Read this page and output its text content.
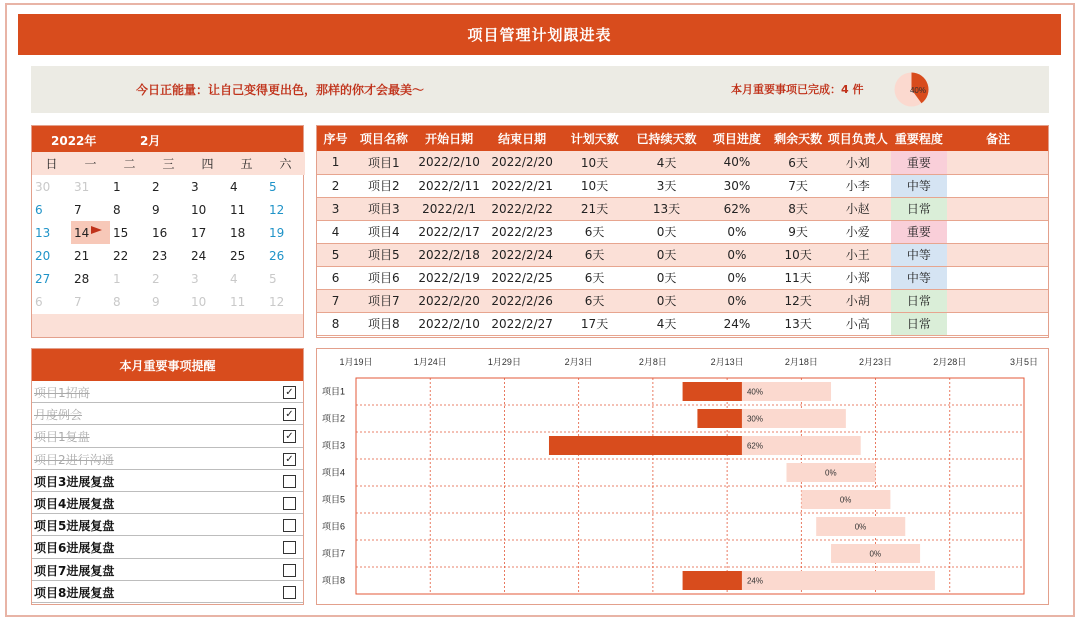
项目管理计划跟进表
今日正能量：让自己变得更出色，那样的你才会最美～	本月重要事项已完成：4 件	40%
2022年	2月
日	一	二	三	四	五	六
30 31 1	2	3	4	5
6	7	8	9	10 11 12
13 14 15 16 17 18 19
20 21 22 23 24 25 26
27 28 1	2	3	4	5
6	7	8	9	10 11 12
序号	项目名称	开始日期	结束日期	计划天数	已持续天数	项目进度	剩余天数	项目负责人	重要程度	备注
1	项目1	2022/2/10	2022/2/20	10天	4天	40%	6天	小刘	重要	
2	项目2	2022/2/11	2022/2/21	10天	3天	30%	7天	小李	中等	
3	项目3	2022/2/1	2022/2/22	21天	13天	62%	8天	小赵	日常	
4	项目4	2022/2/17	2022/2/23	6天	0天	0%	9天	小爱	重要	
5	项目5	2022/2/18	2022/2/24	6天	0天	0%	10天	小王	中等	
6	项目6	2022/2/19	2022/2/25	6天	0天	0%	11天	小郑	中等	
7	项目7	2022/2/20	2022/2/26	6天	0天	0%	12天	小胡	日常	
8	项目8	2022/2/10	2022/2/27	17天	4天	24%	13天	小高	日常	
本月重要事项提醒
项目1招商	✓
月度例会	✓
项目1复盘	✓
项目2进行沟通	✓
项目3进展复盘
项目4进展复盘
项目5进展复盘
项目6进展复盘
项目7进展复盘
项目8进展复盘
1月19日	1月24日	1月29日	2月3日	2月8日	2月13日	2月18日	2月23日	2月28日	3月5日
项目1	40%
项目2	30%
项目3	62%
项目4	0%
项目5	0%
项目6	0%
项目7	0%
项目8	24%
